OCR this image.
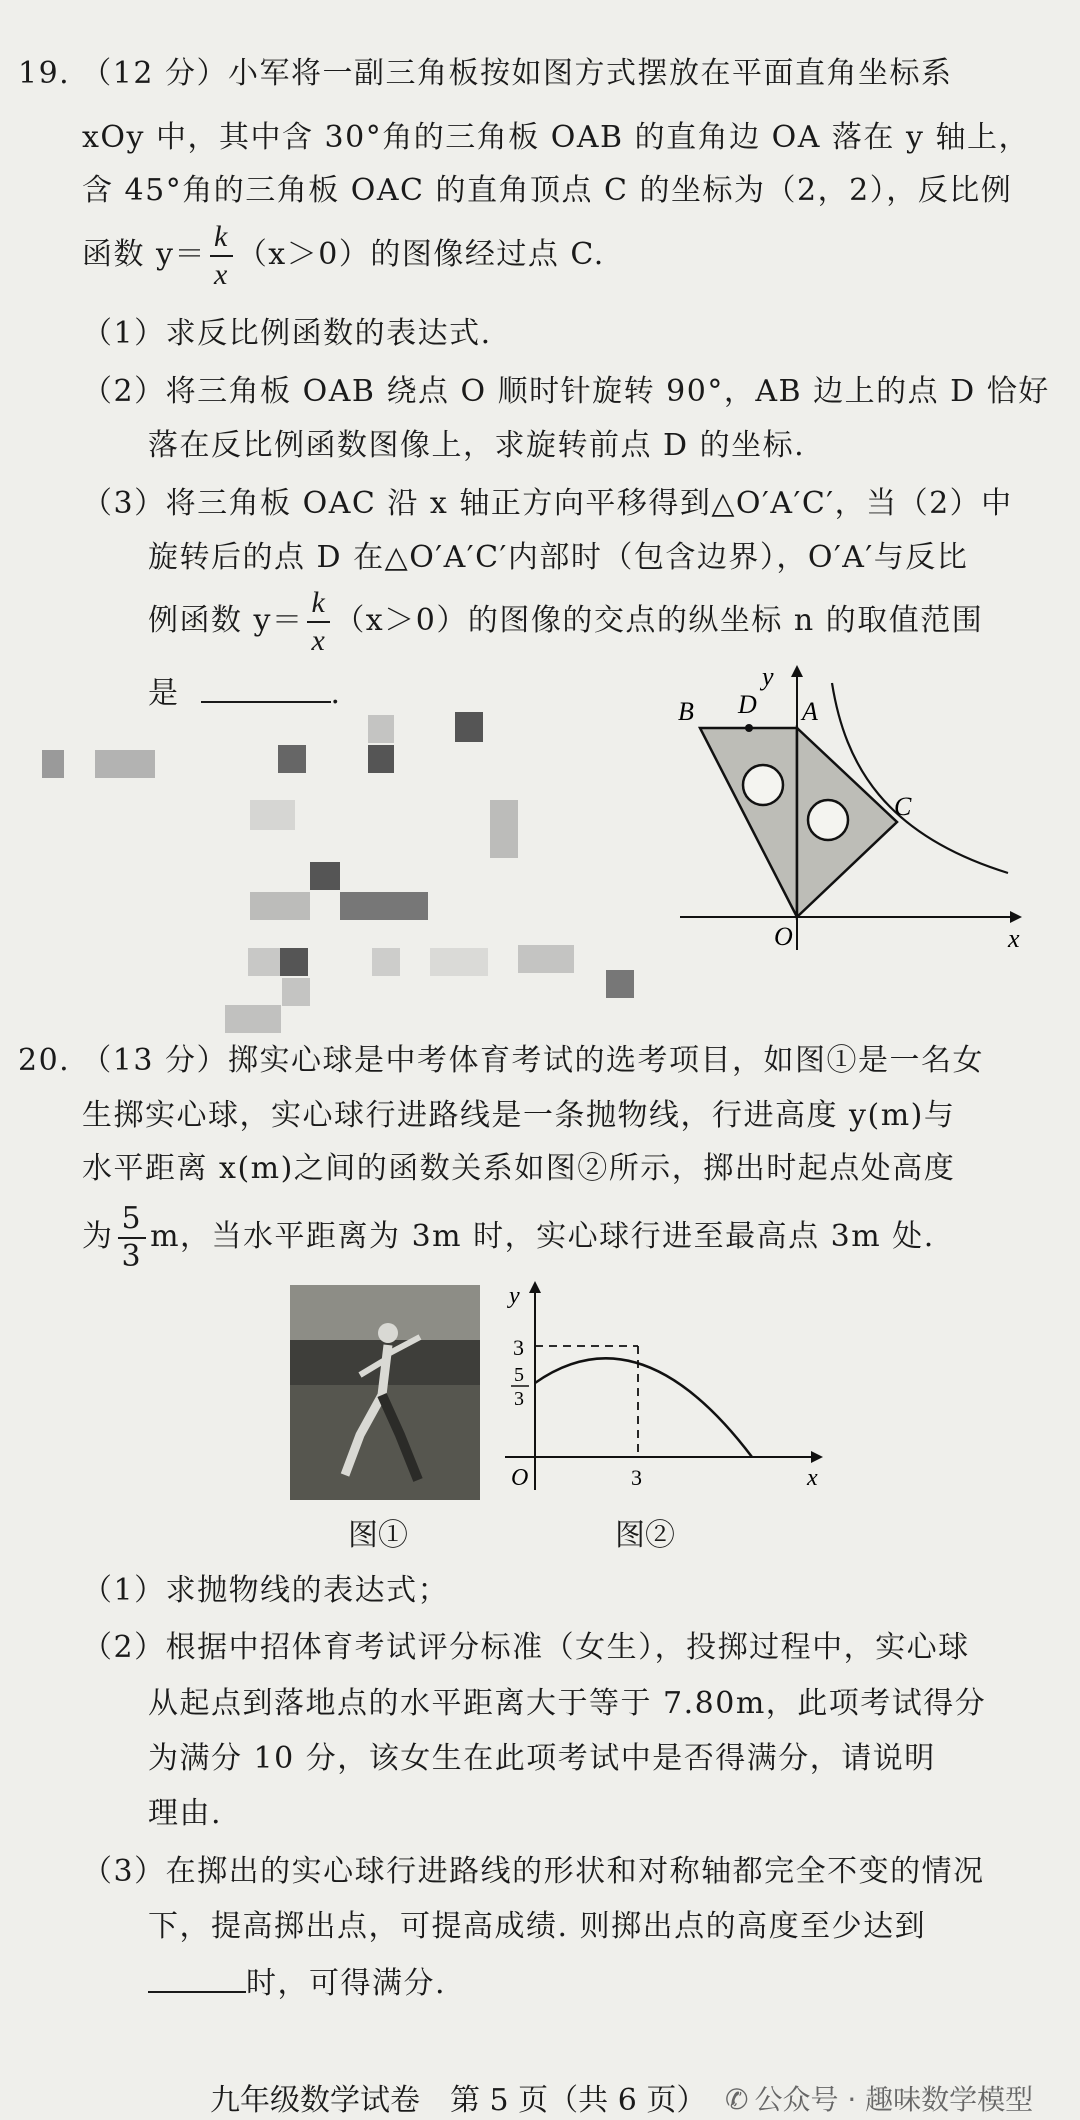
19. （12 分）小军将一副三角板按如图方式摆放在平面直角坐标系
xOy 中，其中含 30°角的三角板 OAB 的直角边 OA 落在 y 轴上，
含 45°角的三角板 OAC 的直角顶点 C 的坐标为（2，2），反比例
函数 $y= \frac{k}{x} (x>0)$的图像经过点 C.
（1）求反比例函数的表达式.
（2）将三角板 OAB 绕点 O 顺时针旋转 90°，AB 边上的点 D 恰好
落在反比例函数图像上，求旋转前点 D 的坐标.
（3）将三角板 OAC 沿 x 轴正方向平移得到△O′A′C′，当（2）中
旋转后的点 D 在△O′A′C′内部时（包含边界），O′A′与反比
例函数 $y= \frac{k}{x} (x>0)$的图像的交点的纵坐标 n 的取值范围
是	.	y
B D A
C
O	x
20. （13 分）掷实心球是中考体育考试的选考项目，如图①是一名女
生掷实心球，实心球行进路线是一条抛物线，行进高度 y(m)与
水平距离 x(m)之间的函数关系如图②所示，掷出时起点处高度
为 $\frac{5}{3}$ m，当水平距离为 3m 时，实心球行进至最高点 3m 处.
图①
y
3
5
3
O	3	x
图②
（1）求抛物线的表达式；
（2）根据中招体育考试评分标准（女生），投掷过程中，实心球
从起点到落地点的水平距离大于等于 7.80m，此项考试得分
为满分 10 分，该女生在此项考试中是否得满分，请说明
理由.
（3）在掷出的实心球行进路线的形状和对称轴都完全不变的情况
下，提高掷出点，可提高成绩. 则掷出点的高度至少达到
时，可得满分.
九年级数学试卷　第 5 页（共 6 页） ✆ 公众号 · 趣味数学模型
